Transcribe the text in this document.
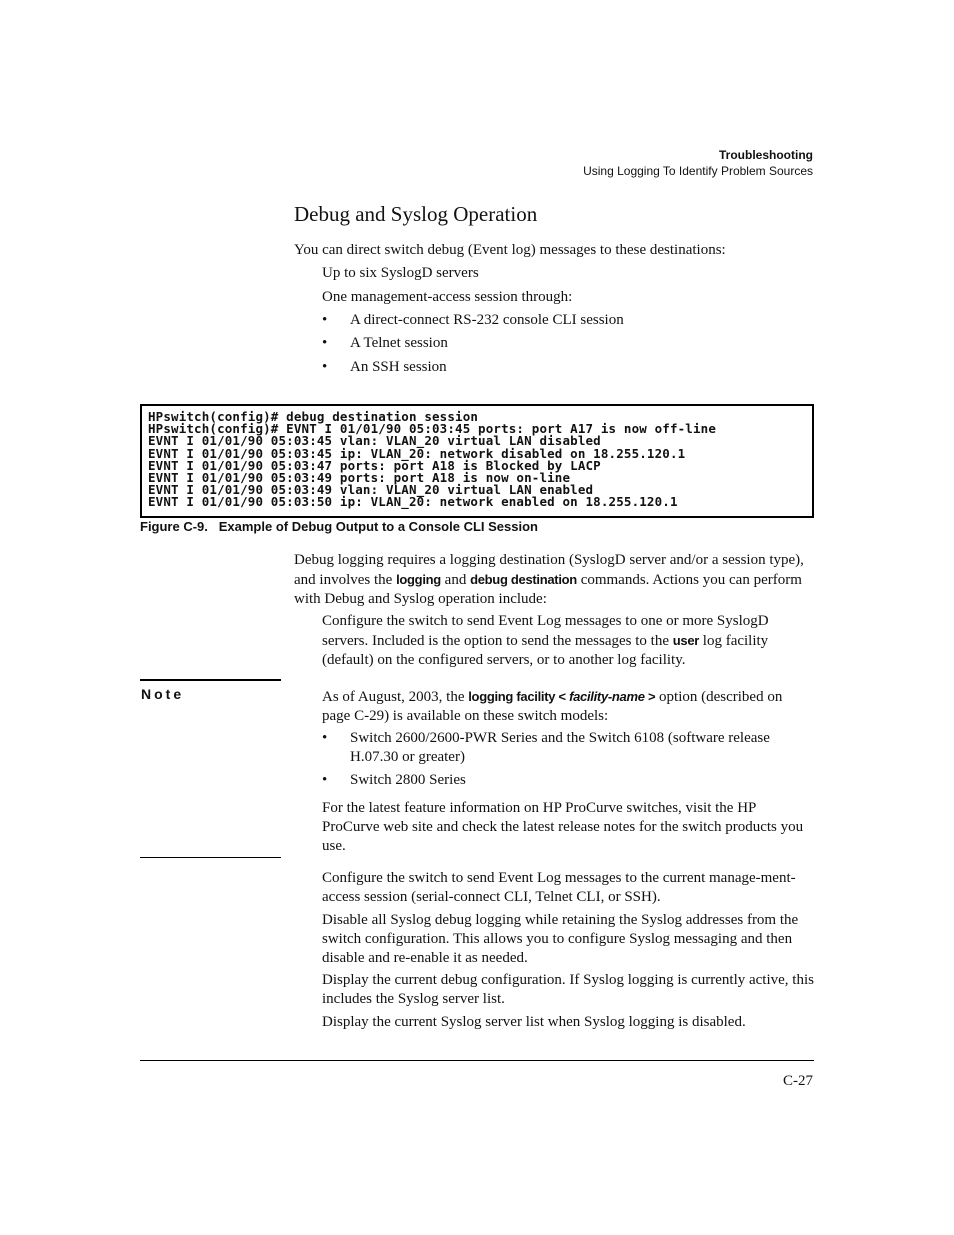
Troubleshooting
Using Logging To Identify Problem Sources
Debug and Syslog Operation
You can direct switch debug (Event log) messages to these destinations:
Up to six SyslogD servers
One management-access session through:
• A direct-connect RS-232 console CLI session
• A Telnet session
• An SSH session
HPswitch(config)# debug destination session
HPswitch(config)# EVNT I 01/01/90 05:03:45 ports: port A17 is now off-line
EVNT I 01/01/90 05:03:45 vlan: VLAN_20 virtual LAN disabled
EVNT I 01/01/90 05:03:45 ip: VLAN_20: network disabled on 18.255.120.1
EVNT I 01/01/90 05:03:47 ports: port A18 is Blocked by LACP
EVNT I 01/01/90 05:03:49 ports: port A18 is now on-line
EVNT I 01/01/90 05:03:49 vlan: VLAN_20 virtual LAN enabled
EVNT I 01/01/90 05:03:50 ip: VLAN_20: network enabled on 18.255.120.1
Figure C-9.   Example of Debug Output to a Console CLI Session
Debug logging requires a logging destination (SyslogD server and/or a session type), and involves the logging and debug destination commands. Actions you can perform with Debug and Syslog operation include:
Configure the switch to send Event Log messages to one or more SyslogD servers. Included is the option to send the messages to the user log facility (default) on the configured servers, or to another log facility.
Note	As of August, 2003, the logging facility < facility-name > option (described on page C-29) is available on these switch models:
• Switch 2600/2600-PWR Series and the Switch 6108 (software release H.07.30 or greater)
• Switch 2800 Series
For the latest feature information on HP ProCurve switches, visit the HP ProCurve web site and check the latest release notes for the switch products you use.
Configure the switch to send Event Log messages to the current manage-ment-access session (serial-connect CLI, Telnet CLI, or SSH).
Disable all Syslog debug logging while retaining the Syslog addresses from the switch configuration. This allows you to configure Syslog messaging and then disable and re-enable it as needed.
Display the current debug configuration. If Syslog logging is currently active, this includes the Syslog server list.
Display the current Syslog server list when Syslog logging is disabled.
C-27
